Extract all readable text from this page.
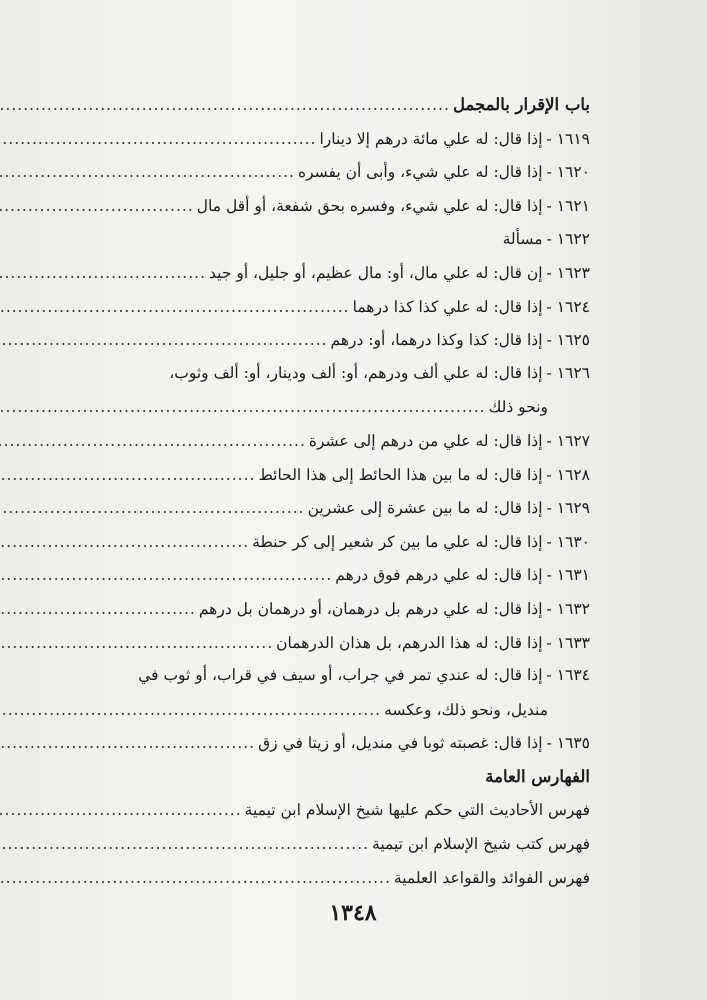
باب الإقرار بالمجمل
.....
١٦١٩ -
إذا قال: له علي مائة درهم إلا دينارا
.....
١٦٢٠ -
إذا قال: له علي شيء، وأبى أن يفسره
.....
١٦٢١ -
إذا قال: له علي شيء، وفسره بحق شفعة، أو أقل مال
.....
١٦٢٢ -
مسألة
١٦٢٣ -
إن قال: له علي مال، أو: مال عظيم، أو جليل، أو جيد
.....
١٦٢٤ -
إذا قال: له علي كذا كذا درهما
.....
١٦٢٥ -
إذا قال: كذا وكذا درهما، أو: درهم
.....
١٦٢٦ -
إذا قال: له علي ألف ودرهم، أو: ألف ودينار، أو: ألف وثوب،
ونحو ذلك
.....
١٦٢٧ -
إذا قال: له علي من درهم إلى عشرة
.....
١٦٢٨ -
إذا قال: له ما بين هذا الحائط إلى هذا الحائط
.....
١٦٢٩ -
إذا قال: له ما بين عشرة إلى عشرين
.....
١٦٣٠ -
إذا قال: له علي ما بين كر شعير إلى كر حنطة
.....
١٦٣١ -
إذا قال: له علي درهم فوق درهم
.....
١٦٣٢ -
إذا قال: له علي درهم بل درهمان، أو درهمان بل درهم
.....
١٦٣٣ -
إذا قال: له هذا الدرهم، بل هذان الدرهمان
.....
١٦٣٤ -
إذا قال: له عندي تمر في جراب، أو سيف في قراب، أو ثوب في
منديل، ونحو ذلك، وعكسه
.....
١٦٣٥ -
إذا قال: غصبته ثوبا في منديل، أو زيتا في زق
.....
الفهارس العامة
فهرس الأحاديث التي حكم عليها شيخ الإسلام ابن تيمية
.....
فهرس كتب شيخ الإسلام ابن تيمية
.....
فهرس الفوائد والقواعد العلمية
.....
١٣٤٨
